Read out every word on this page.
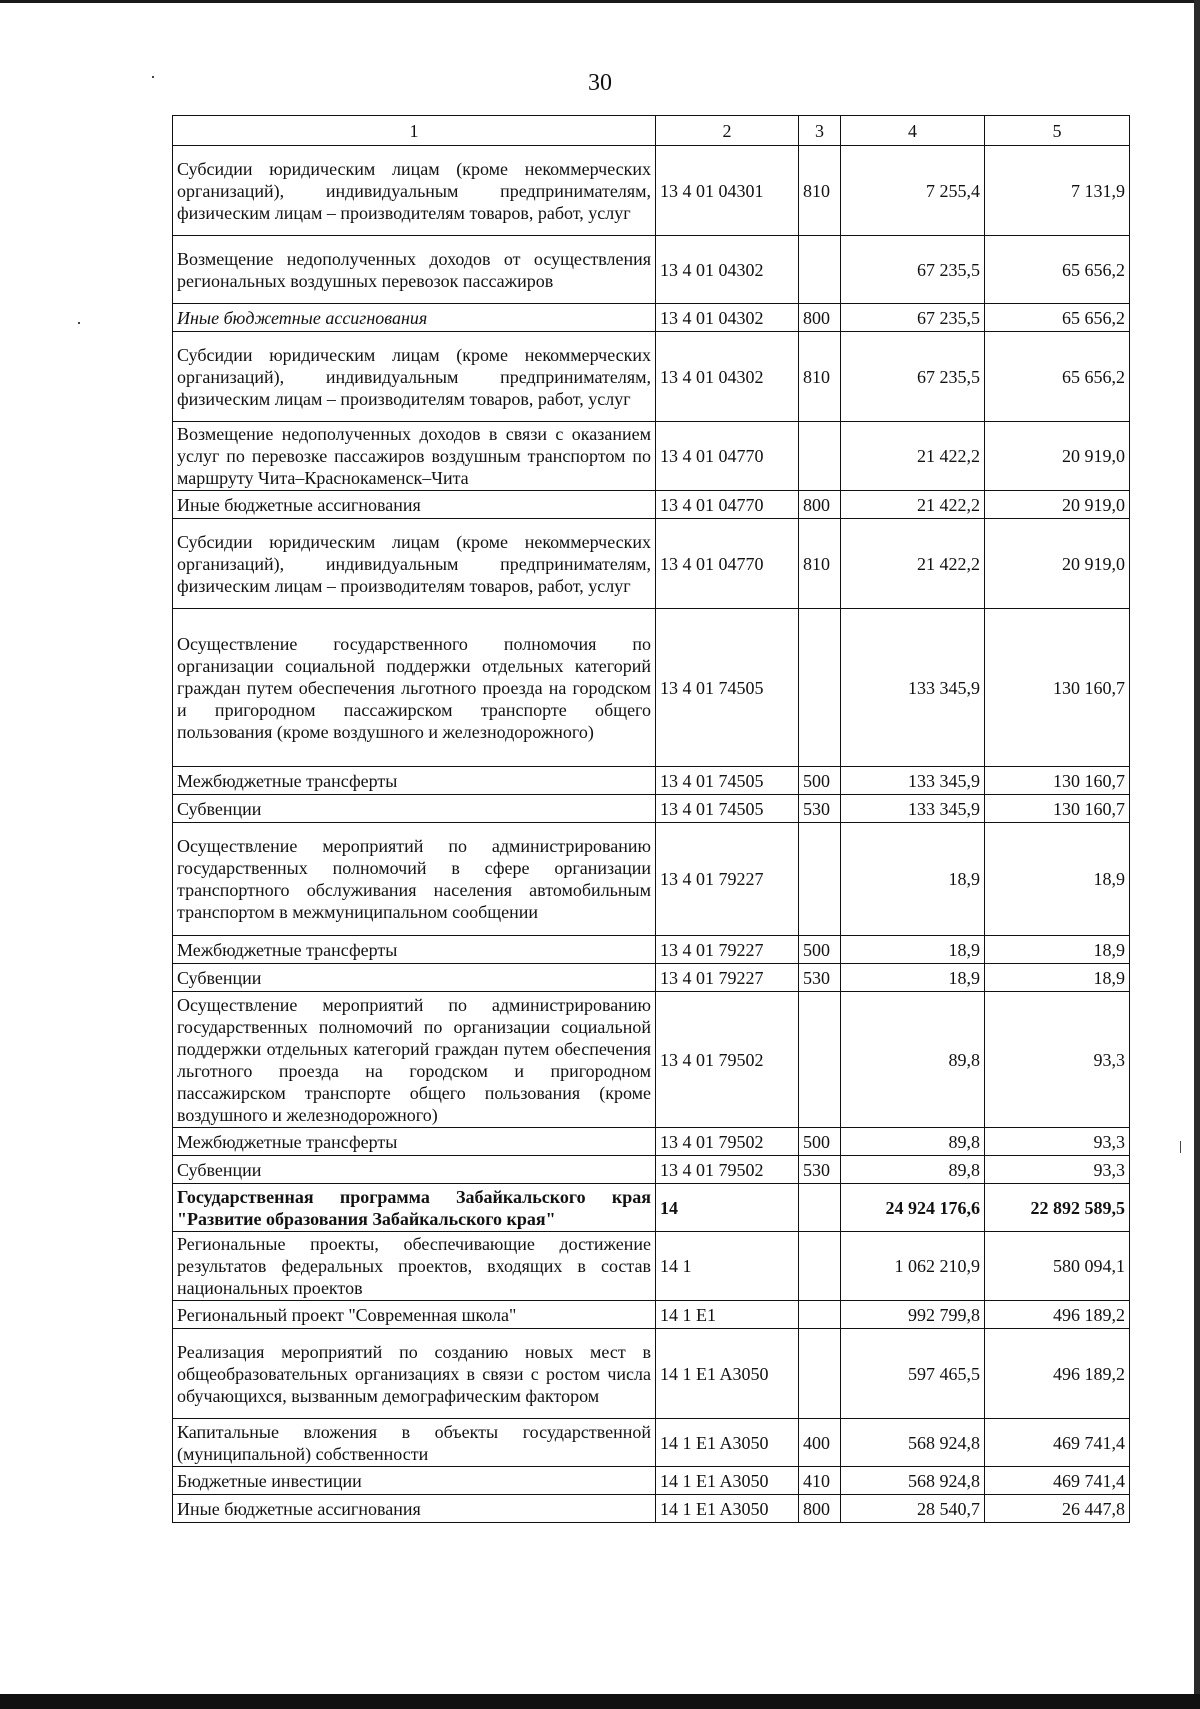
30
1	2	3	4	5
Субсидии юридическим лицам (кроме некоммерческих организаций), индивидуальным предпринимателям, физическим лицам – производителям товаров, работ, услуг	13 4 01 04301	810	7 255,4	7 131,9
Возмещение недополученных доходов от осуществления региональных воздушных перевозок пассажиров	13 4 01 04302		67 235,5	65 656,2
Иные бюджетные ассигнования	13 4 01 04302	800	67 235,5	65 656,2
Субсидии юридическим лицам (кроме некоммерческих организаций), индивидуальным предпринимателям, физическим лицам – производителям товаров, работ, услуг	13 4 01 04302	810	67 235,5	65 656,2
Возмещение недополученных доходов в связи с оказанием услуг по перевозке пассажиров воздушным транспортом по маршруту Чита–Краснокаменск–Чита	13 4 01 04770		21 422,2	20 919,0
Иные бюджетные ассигнования	13 4 01 04770	800	21 422,2	20 919,0
Субсидии юридическим лицам (кроме некоммерческих организаций), индивидуальным предпринимателям, физическим лицам – производителям товаров, работ, услуг	13 4 01 04770	810	21 422,2	20 919,0
Осуществление государственного полномочия по организации социальной поддержки отдельных категорий граждан путем обеспечения льготного проезда на городском и пригородном пассажирском транспорте общего пользования (кроме воздушного и железнодорожного)	13 4 01 74505		133 345,9	130 160,7
Межбюджетные трансферты	13 4 01 74505	500	133 345,9	130 160,7
Субвенции	13 4 01 74505	530	133 345,9	130 160,7
Осуществление мероприятий по администрированию государственных полномочий в сфере организации транспортного обслуживания населения автомобильным транспортом в межмуниципальном сообщении	13 4 01 79227		18,9	18,9
Межбюджетные трансферты	13 4 01 79227	500	18,9	18,9
Субвенции	13 4 01 79227	530	18,9	18,9
Осуществление мероприятий по администрированию государственных полномочий по организации социальной поддержки отдельных категорий граждан путем обеспечения льготного проезда на городском и пригородном пассажирском транспорте общего пользования (кроме воздушного и железнодорожного)	13 4 01 79502		89,8	93,3
Межбюджетные трансферты	13 4 01 79502	500	89,8	93,3
Субвенции	13 4 01 79502	530	89,8	93,3
Государственная программа Забайкальского края "Развитие образования Забайкальского края"	14		24 924 176,6	22 892 589,5
Региональные проекты, обеспечивающие достижение результатов федеральных проектов, входящих в состав национальных проектов	14 1		1 062 210,9	580 094,1
Региональный проект "Современная школа"	14 1 E1		992 799,8	496 189,2
Реализация мероприятий по созданию новых мест в общеобразовательных организациях в связи с ростом числа обучающихся, вызванным демографическим фактором	14 1 E1 A3050		597 465,5	496 189,2
Капитальные вложения в объекты государственной (муниципальной) собственности	14 1 E1 A3050	400	568 924,8	469 741,4
Бюджетные инвестиции	14 1 E1 A3050	410	568 924,8	469 741,4
Иные бюджетные ассигнования	14 1 E1 A3050	800	28 540,7	26 447,8
